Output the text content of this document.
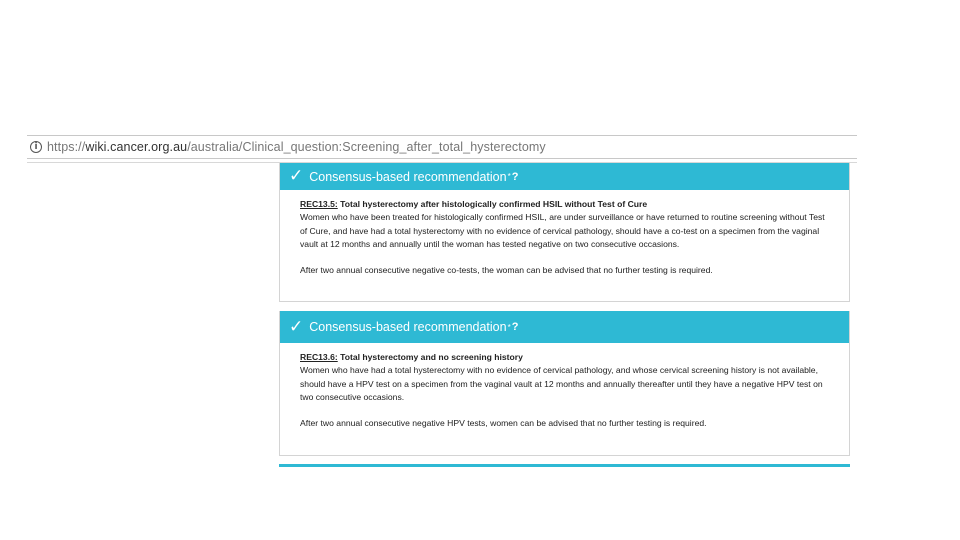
i https://wiki.cancer.org.au/australia/Clinical_question:Screening_after_total_hysterectomy
✓ Consensus-based recommendation * ?
REC13.5: Total hysterectomy after histologically confirmed HSIL without Test of Cure
Women who have been treated for histologically confirmed HSIL, are under surveillance or have returned to routine screening without Test of Cure, and have had a total hysterectomy with no evidence of cervical pathology, should have a co-test on a specimen from the vaginal vault at 12 months and annually until the woman has tested negative on two consecutive occasions.
After two annual consecutive negative co-tests, the woman can be advised that no further testing is required.
✓ Consensus-based recommendation * ?
REC13.6: Total hysterectomy and no screening history
Women who have had a total hysterectomy with no evidence of cervical pathology, and whose cervical screening history is not available, should have a HPV test on a specimen from the vaginal vault at 12 months and annually thereafter until they have a negative HPV test on two consecutive occasions.
After two annual consecutive negative HPV tests, women can be advised that no further testing is required.
